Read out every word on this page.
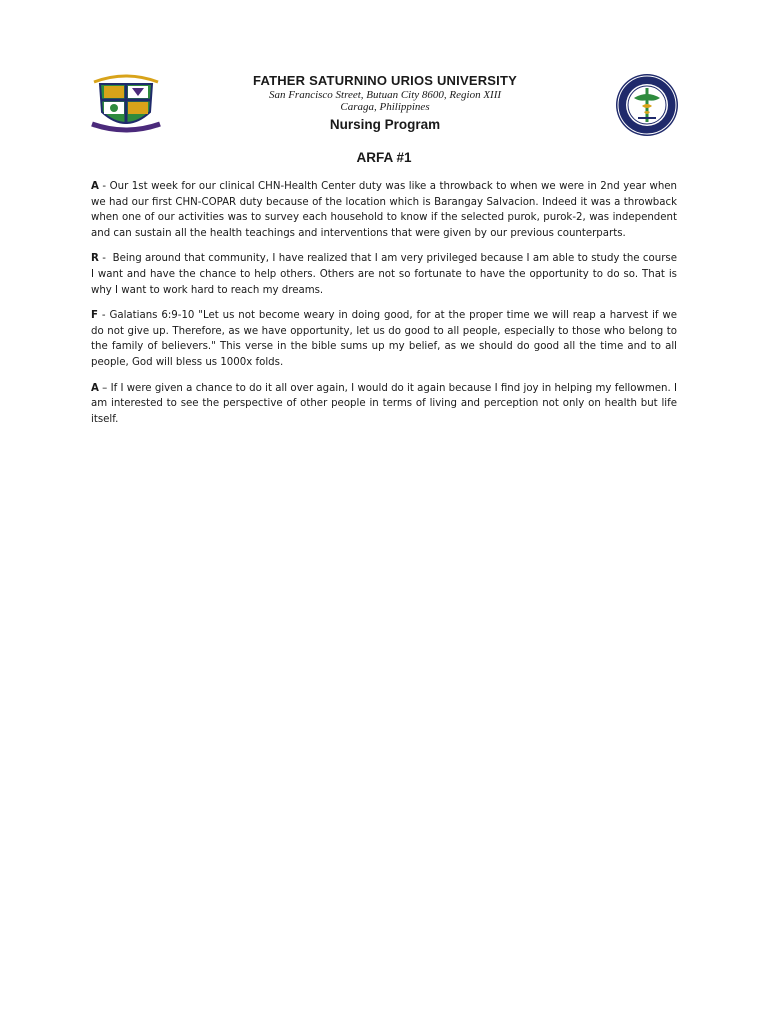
FATHER SATURNINO URIOS UNIVERSITY
San Francisco Street, Butuan City 8600, Region XIII
Caraga, Philippines
Nursing Program
ARFA #1

A - Our 1st week for our clinical CHN-Health Center duty was like a throwback to when we were in 2nd year when we had our first CHN-COPAR duty because of the location which is Barangay Salvacion. Indeed it was a throwback when one of our activities was to survey each household to know if the selected purok, purok-2, was independent and can sustain all the health teachings and interventions that were given by our previous counterparts.

R -  Being around that community, I have realized that I am very privileged because I am able to study the course I want and have the chance to help others. Others are not so fortunate to have the opportunity to do so. That is why I want to work hard to reach my dreams.

F - Galatians 6:9-10 "Let us not become weary in doing good, for at the proper time we will reap a harvest if we do not give up. Therefore, as we have opportunity, let us do good to all people, especially to those who belong to the family of believers." This verse in the bible sums up my belief, as we should do good all the time and to all people, God will bless us 1000x folds.

A – If I were given a chance to do it all over again, I would do it again because I find joy in helping my fellowmen. I am interested to see the perspective of other people in terms of living and perception not only on health but life itself.
